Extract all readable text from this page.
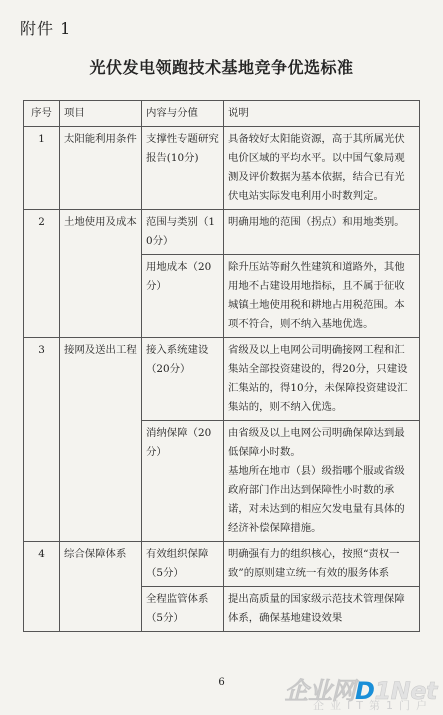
附件 1
光伏发电领跑技术基地竞争优选标准
序号	项目	内容与分值	说明
1	太阳能利用条件	支撑性专题研究报告(10分)	具备较好太阳能资源，高于其所属光伏电价区域的平均水平。以中国气象局观测及评价数据为基本依据，结合已有光伏电站实际发电利用小时数判定。

2	土地使用及成本	范围与类别（10分）	明确用地的范围（拐点）和用地类别。

		用地成本（20分）	除升压站等耐久性建筑和道路外，其他用地不占建设用地指标，且不属于征收城镇土地使用税和耕地占用税范围。本项不符合，则不纳入基地优选。

3	接网及送出工程	接入系统建设（20分）	省级及以上电网公司明确接网工程和汇集站全部投资建设的，得20分，只建设汇集站的，得10分，未保障投资建设汇集站的，则不纳入优选。

		消纳保障（20分）	由省级及以上电网公司明确保障达到最低保障小时数。
基地所在地市（县）级指哪个服或省级政府部门作出达到保障性小时数的承诺，对未达到的相应欠发电量有具体的经济补偿保障措施。

4	综合保障体系	有效组织保障（5分）	明确强有力的组织核心，按照“责权一致”的原则建立统一有效的服务体系

		全程监管体系（5分）	提出高质量的国家级示范技术管理保障体系，确保基地建设效果
6	企业网D1Net
企业IT第1门户
